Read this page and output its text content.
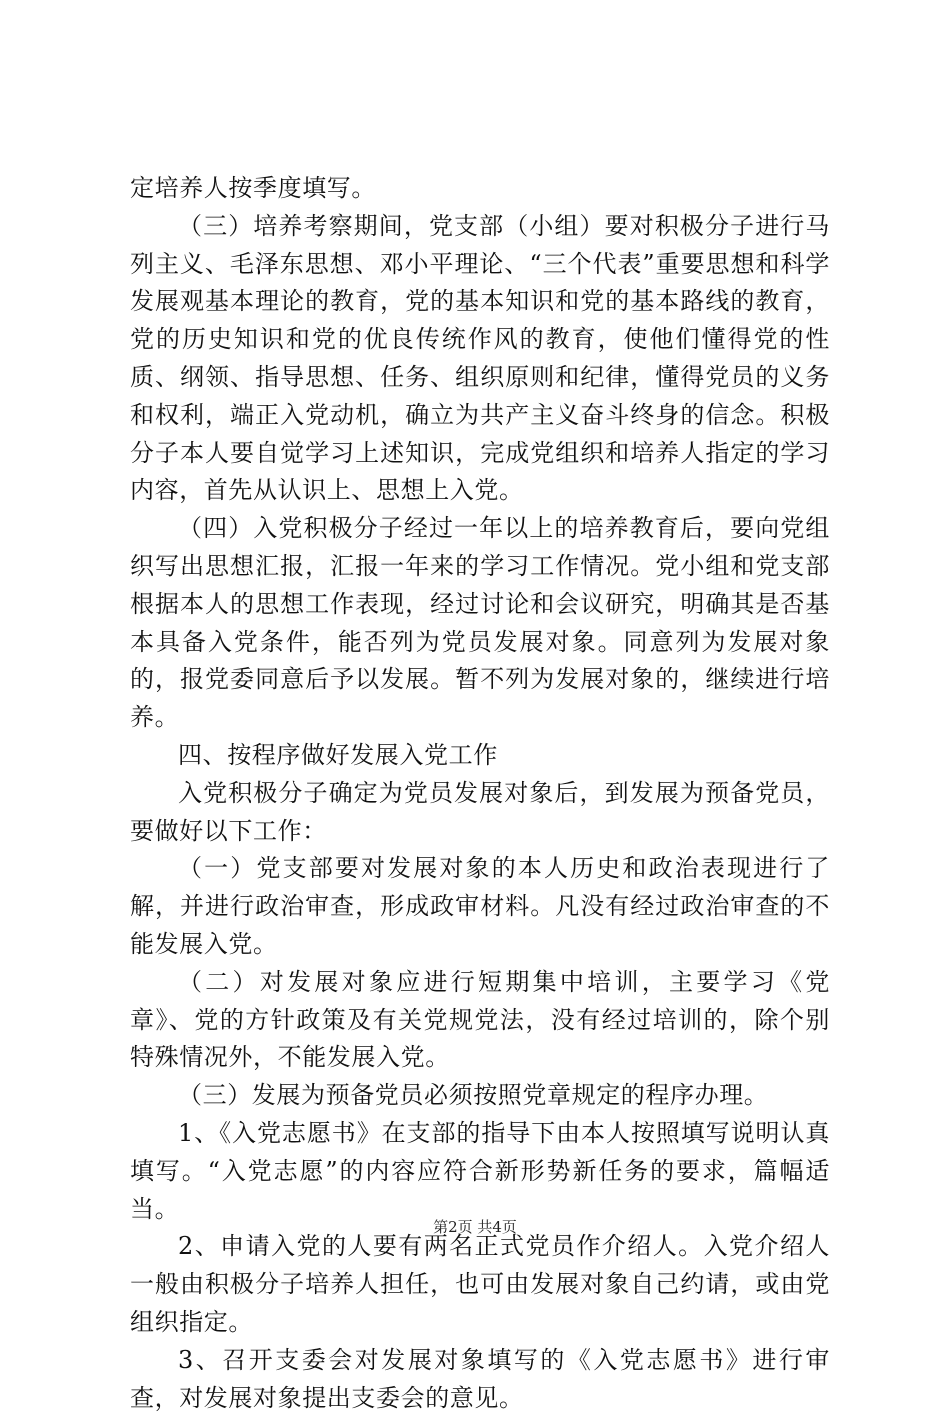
定培养人按季度填写。

（三）培养考察期间，党支部（小组）要对积极分子进行马列主义、毛泽东思想、邓小平理论、“三个代表”重要思想和科学发展观基本理论的教育，党的基本知识和党的基本路线的教育，党的历史知识和党的优良传统作风的教育，使他们懂得党的性质、纲领、指导思想、任务、组织原则和纪律，懂得党员的义务和权利，端正入党动机，确立为共产主义奋斗终身的信念。积极分子本人要自觉学习上述知识，完成党组织和培养人指定的学习内容，首先从认识上、思想上入党。

（四）入党积极分子经过一年以上的培养教育后，要向党组织写出思想汇报，汇报一年来的学习工作情况。党小组和党支部根据本人的思想工作表现，经过讨论和会议研究，明确其是否基本具备入党条件，能否列为党员发展对象。同意列为发展对象的，报党委同意后予以发展。暂不列为发展对象的，继续进行培养。

四、按程序做好发展入党工作

入党积极分子确定为党员发展对象后，到发展为预备党员，要做好以下工作：

（一）党支部要对发展对象的本人历史和政治表现进行了解，并进行政治审查，形成政审材料。凡没有经过政治审查的不能发展入党。

（二）对发展对象应进行短期集中培训，主要学习《党章》、党的方针政策及有关党规党法，没有经过培训的，除个别特殊情况外，不能发展入党。

（三）发展为预备党员必须按照党章规定的程序办理。

1、《入党志愿书》在支部的指导下由本人按照填写说明认真填写。“入党志愿”的内容应符合新形势新任务的要求，篇幅适当。

2、申请入党的人要有两名正式党员作介绍人。入党介绍人一般由积极分子培养人担任，也可由发展对象自己约请，或由党组织指定。

3、召开支委会对发展对象填写的《入党志愿书》进行审查，对发展对象提出支委会的意见。

第2页 共4页
